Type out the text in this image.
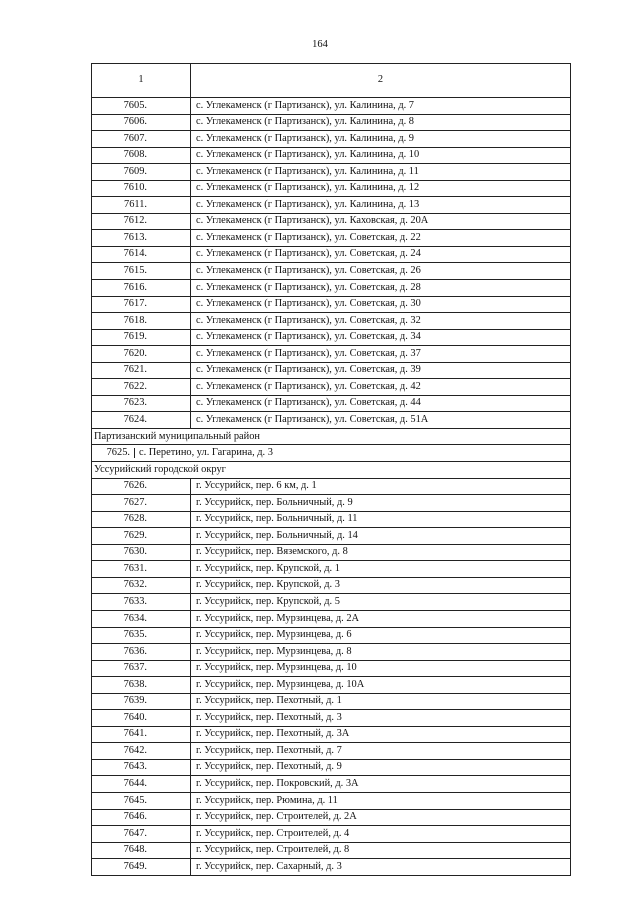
164
1	2
7605.	с. Углекаменск (г Партизанск), ул. Калинина, д. 7
7606.	с. Углекаменск (г Партизанск), ул. Калинина, д. 8
7607.	с. Углекаменск (г Партизанск), ул. Калинина, д. 9
7608.	с. Углекаменск (г Партизанск), ул. Калинина, д. 10
7609.	с. Углекаменск (г Партизанск), ул. Калинина, д. 11
7610.	с. Углекаменск (г Партизанск), ул. Калинина, д. 12
7611.	с. Углекаменск (г Партизанск), ул. Калинина, д. 13
7612.	с. Углекаменск (г Партизанск), ул. Каховская, д. 20А
7613.	с. Углекаменск (г Партизанск), ул. Советская, д. 22
7614.	с. Углекаменск (г Партизанск), ул. Советская, д. 24
7615.	с. Углекаменск (г Партизанск), ул. Советская, д. 26
7616.	с. Углекаменск (г Партизанск), ул. Советская, д. 28
7617.	с. Углекаменск (г Партизанск), ул. Советская, д. 30
7618.	с. Углекаменск (г Партизанск), ул. Советская, д. 32
7619.	с. Углекаменск (г Партизанск), ул. Советская, д. 34
7620.	с. Углекаменск (г Партизанск), ул. Советская, д. 37
7621.	с. Углекаменск (г Партизанск), ул. Советская, д. 39
7622.	с. Углекаменск (г Партизанск), ул. Советская, д. 42
7623.	с. Углекаменск (г Партизанск), ул. Советская, д. 44
7624.	с. Углекаменск (г Партизанск), ул. Советская, д. 51А
Партизанский муниципальный район	

7625. с. Перетино, ул. Гагарина, д. 3	

Уссурийский городской округ	
7626.	г. Уссурийск, пер. 6 км, д. 1
7627.	г. Уссурийск, пер. Больничный, д. 9
7628.	г. Уссурийск, пер. Больничный, д. 11
7629.	г. Уссурийск, пер. Больничный, д. 14
7630.	г. Уссурийск, пер. Вяземского, д. 8
7631.	г. Уссурийск, пер. Крупской, д. 1
7632.	г. Уссурийск, пер. Крупской, д. 3
7633.	г. Уссурийск, пер. Крупской, д. 5
7634.	г. Уссурийск, пер. Мурзинцева, д. 2А
7635.	г. Уссурийск, пер. Мурзинцева, д. 6
7636.	г. Уссурийск, пер. Мурзинцева, д. 8
7637.	г. Уссурийск, пер. Мурзинцева, д. 10
7638.	г. Уссурийск, пер. Мурзинцева, д. 10А
7639.	г. Уссурийск, пер. Пехотный, д. 1
7640.	г. Уссурийск, пер. Пехотный, д. 3
7641.	г. Уссурийск, пер. Пехотный, д. 3А
7642.	г. Уссурийск, пер. Пехотный, д. 7
7643.	г. Уссурийск, пер. Пехотный, д. 9
7644.	г. Уссурийск, пер. Покровский, д. 3А
7645.	г. Уссурийск, пер. Рюмина, д. 11
7646.	г. Уссурийск, пер. Строителей, д. 2А
7647.	г. Уссурийск, пер. Строителей, д. 4
7648.	г. Уссурийск, пер. Строителей, д. 8
7649.	г. Уссурийск, пер. Сахарный, д. 3
